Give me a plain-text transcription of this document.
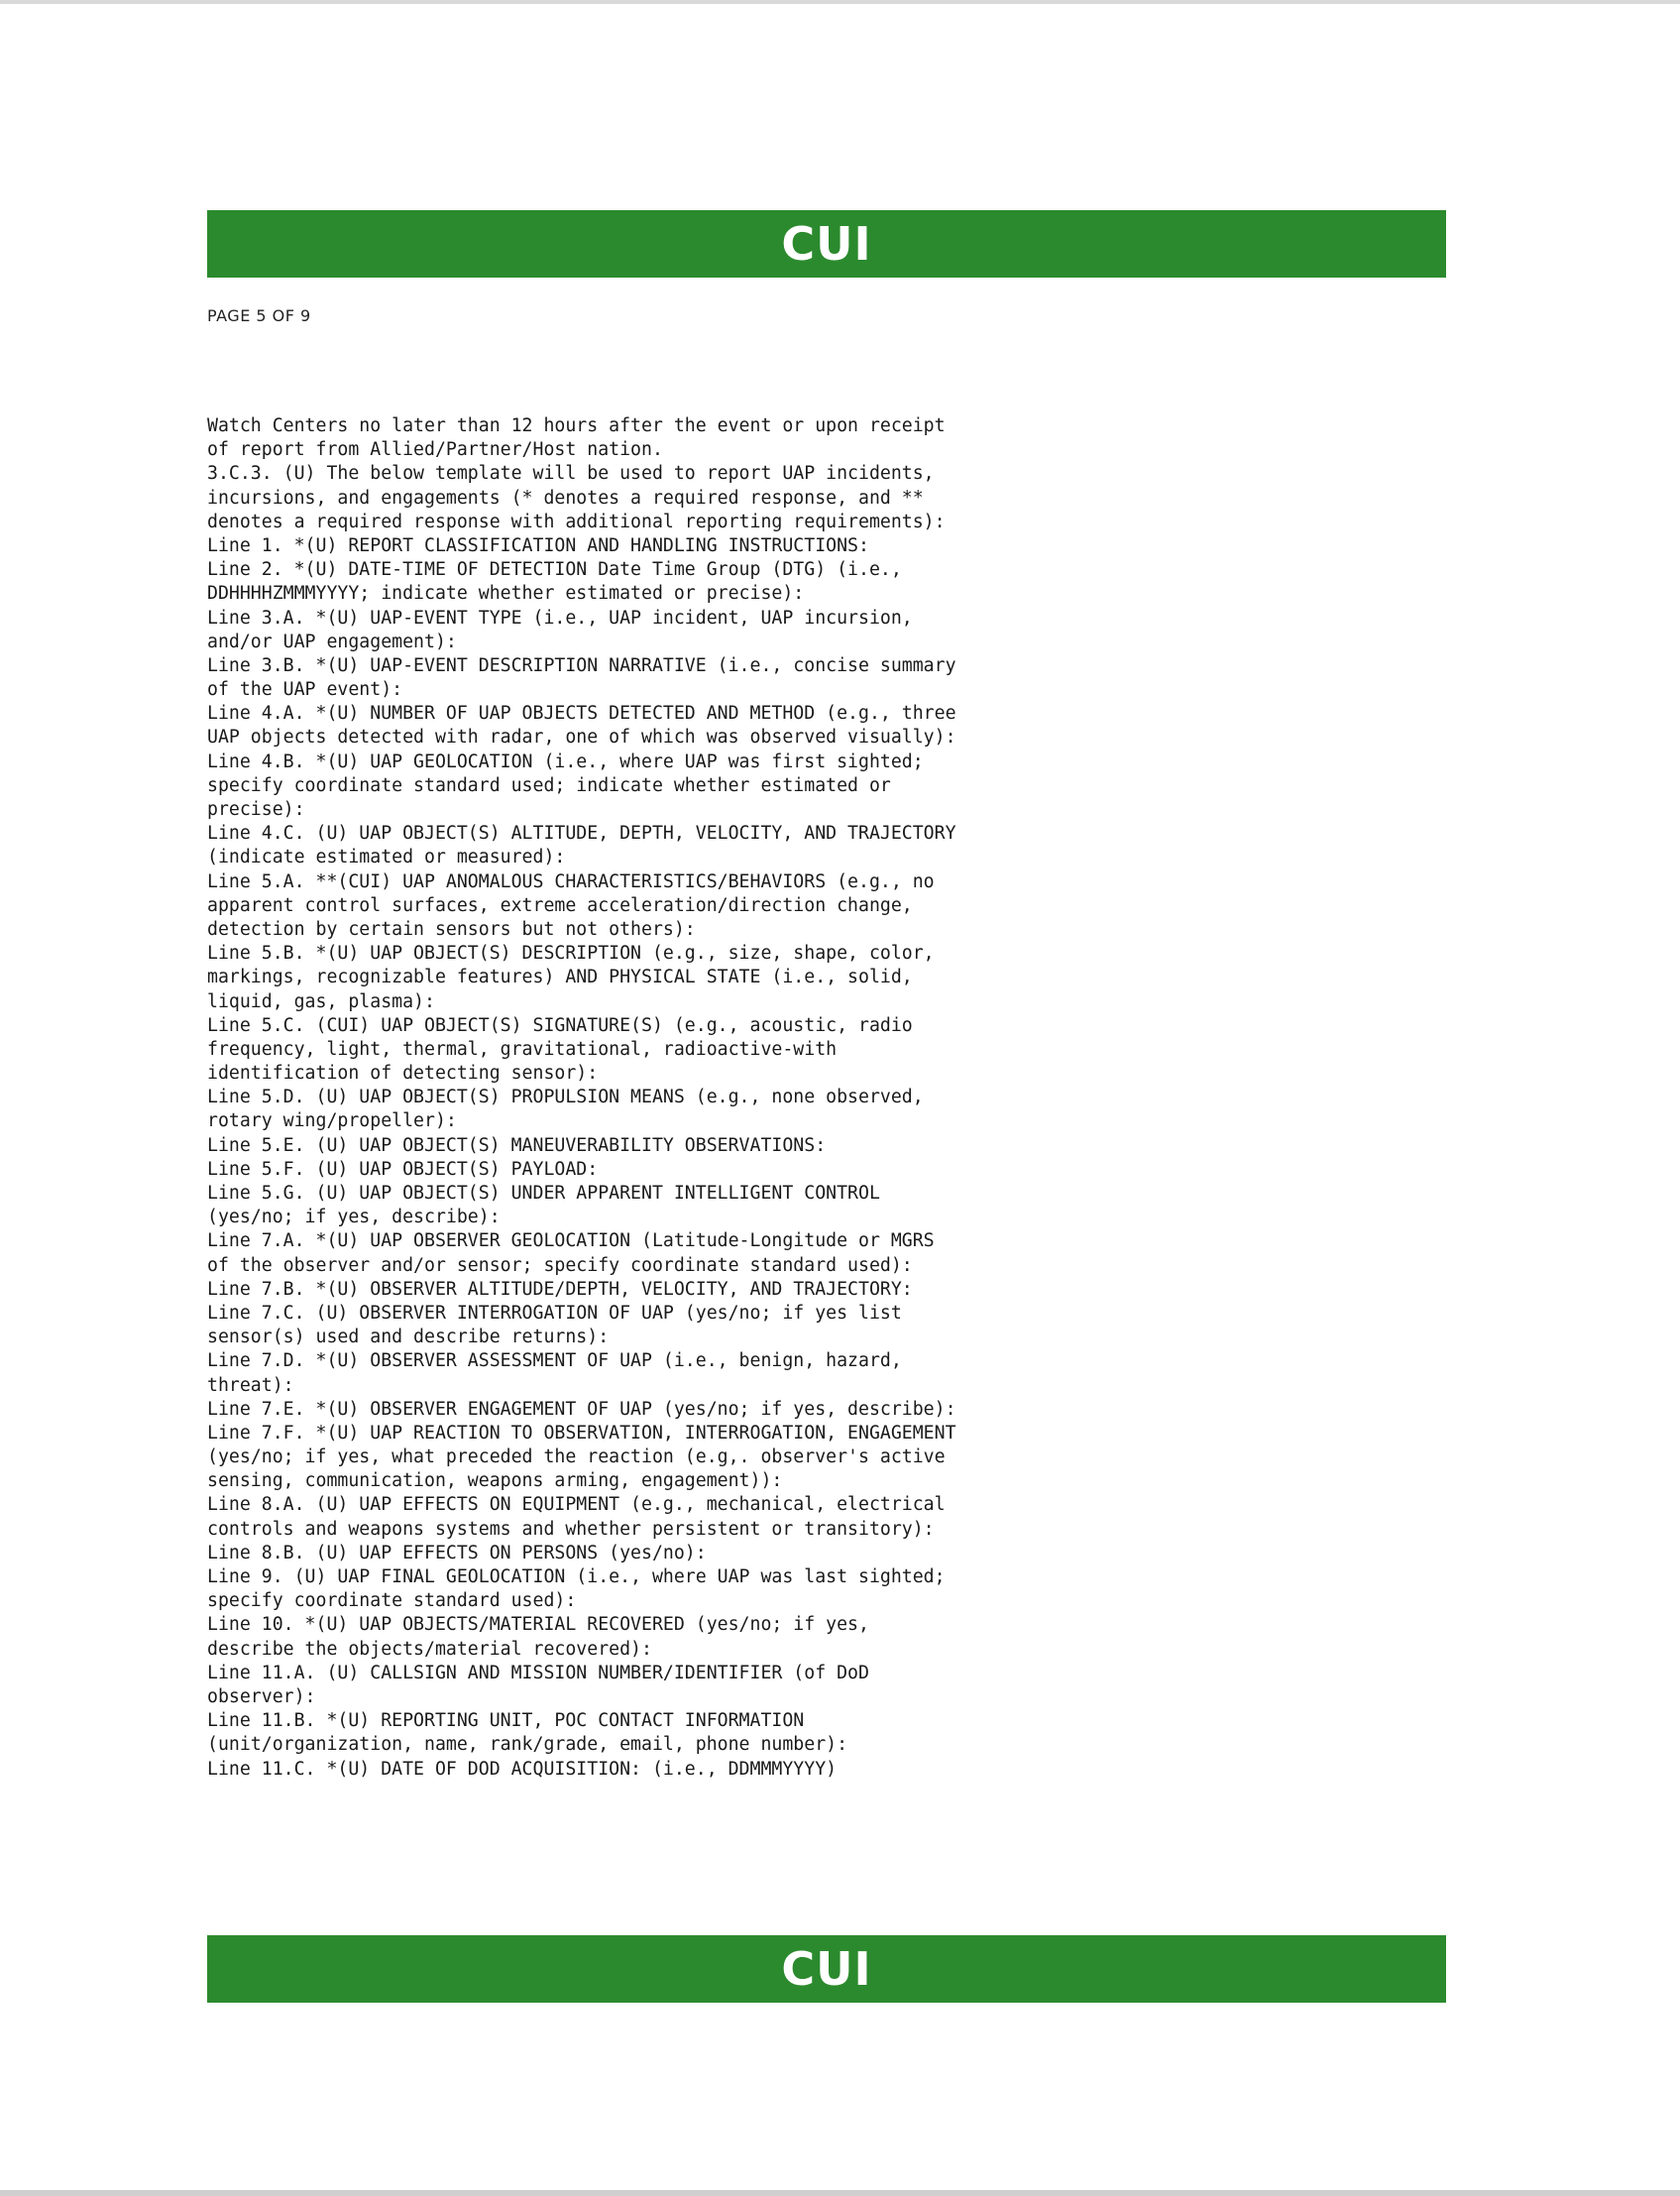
CUI
PAGE 5 OF 9
Watch Centers no later than 12 hours after the event or upon receipt
of report from Allied/Partner/Host nation.
3.C.3. (U) The below template will be used to report UAP incidents,
incursions, and engagements (* denotes a required response, and **
denotes a required response with additional reporting requirements):
Line 1. *(U) REPORT CLASSIFICATION AND HANDLING INSTRUCTIONS:
Line 2. *(U) DATE-TIME OF DETECTION Date Time Group (DTG) (i.e.,
DDHHHHZMMMYYYY; indicate whether estimated or precise):
Line 3.A. *(U) UAP-EVENT TYPE (i.e., UAP incident, UAP incursion,
and/or UAP engagement):
Line 3.B. *(U) UAP-EVENT DESCRIPTION NARRATIVE (i.e., concise summary
of the UAP event):
Line 4.A. *(U) NUMBER OF UAP OBJECTS DETECTED AND METHOD (e.g., three
UAP objects detected with radar, one of which was observed visually):
Line 4.B. *(U) UAP GEOLOCATION (i.e., where UAP was first sighted;
specify coordinate standard used; indicate whether estimated or
precise):
Line 4.C. (U) UAP OBJECT(S) ALTITUDE, DEPTH, VELOCITY, AND TRAJECTORY
(indicate estimated or measured):
Line 5.A. **(CUI) UAP ANOMALOUS CHARACTERISTICS/BEHAVIORS (e.g., no
apparent control surfaces, extreme acceleration/direction change,
detection by certain sensors but not others):
Line 5.B. *(U) UAP OBJECT(S) DESCRIPTION (e.g., size, shape, color,
markings, recognizable features) AND PHYSICAL STATE (i.e., solid,
liquid, gas, plasma):
Line 5.C. (CUI) UAP OBJECT(S) SIGNATURE(S) (e.g., acoustic, radio
frequency, light, thermal, gravitational, radioactive-with
identification of detecting sensor):
Line 5.D. (U) UAP OBJECT(S) PROPULSION MEANS (e.g., none observed,
rotary wing/propeller):
Line 5.E. (U) UAP OBJECT(S) MANEUVERABILITY OBSERVATIONS:
Line 5.F. (U) UAP OBJECT(S) PAYLOAD:
Line 5.G. (U) UAP OBJECT(S) UNDER APPARENT INTELLIGENT CONTROL
(yes/no; if yes, describe):
Line 7.A. *(U) UAP OBSERVER GEOLOCATION (Latitude-Longitude or MGRS
of the observer and/or sensor; specify coordinate standard used):
Line 7.B. *(U) OBSERVER ALTITUDE/DEPTH, VELOCITY, AND TRAJECTORY:
Line 7.C. (U) OBSERVER INTERROGATION OF UAP (yes/no; if yes list
sensor(s) used and describe returns):
Line 7.D. *(U) OBSERVER ASSESSMENT OF UAP (i.e., benign, hazard,
threat):
Line 7.E. *(U) OBSERVER ENGAGEMENT OF UAP (yes/no; if yes, describe):
Line 7.F. *(U) UAP REACTION TO OBSERVATION, INTERROGATION, ENGAGEMENT
(yes/no; if yes, what preceded the reaction (e.g,. observer's active
sensing, communication, weapons arming, engagement)):
Line 8.A. (U) UAP EFFECTS ON EQUIPMENT (e.g., mechanical, electrical
controls and weapons systems and whether persistent or transitory):
Line 8.B. (U) UAP EFFECTS ON PERSONS (yes/no):
Line 9. (U) UAP FINAL GEOLOCATION (i.e., where UAP was last sighted;
specify coordinate standard used):
Line 10. *(U) UAP OBJECTS/MATERIAL RECOVERED (yes/no; if yes,
describe the objects/material recovered):
Line 11.A. (U) CALLSIGN AND MISSION NUMBER/IDENTIFIER (of DoD
observer):
Line 11.B. *(U) REPORTING UNIT, POC CONTACT INFORMATION
(unit/organization, name, rank/grade, email, phone number):
Line 11.C. *(U) DATE OF DOD ACQUISITION: (i.e., DDMMMYYYY)
CUI
